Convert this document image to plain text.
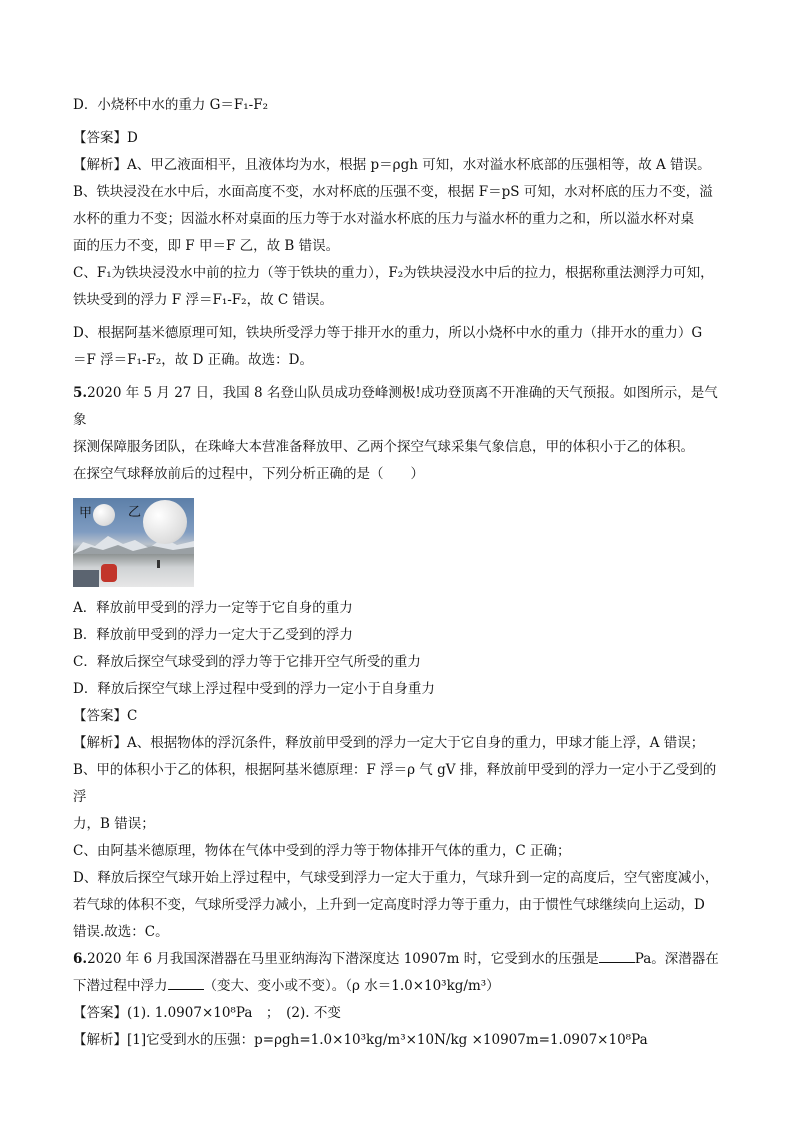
D．小烧杯中水的重力 G＝F₁-F₂

【答案】D

【解析】A、甲乙液面相平，且液体均为水，根据 p＝ρgh 可知，水对溢水杯底部的压强相等，故 A 错误。

B、铁块浸没在水中后，水面高度不变，水对杯底的压强不变，根据 F＝pS 可知，水对杯底的压力不变，溢

水杯的重力不变；因溢水杯对桌面的压力等于水对溢水杯底的压力与溢水杯的重力之和，所以溢水杯对桌

面的压力不变，即 F 甲＝F 乙，故 B 错误。

C、F₁为铁块浸没水中前的拉力（等于铁块的重力），F₂为铁块浸没水中后的拉力，根据称重法测浮力可知，

铁块受到的浮力 F 浮＝F₁-F₂，故 C 错误。

D、根据阿基米德原理可知，铁块所受浮力等于排开水的重力，所以小烧杯中水的重力（排开水的重力）G

＝F 浮＝F₁-F₂，故 D 正确。故选：D。

5.2020 年 5 月 27 日，我国 8 名登山队员成功登峰测极!成功登顶离不开准确的天气预报。如图所示，是气象

探测保障服务团队，在珠峰大本营准备释放甲、乙两个探空气球采集气象信息，甲的体积小于乙的体积。

在探空气球释放前后的过程中，下列分析正确的是（　　）

甲	乙

A．释放前甲受到的浮力一定等于它自身的重力

B．释放前甲受到的浮力一定大于乙受到的浮力

C．释放后探空气球受到的浮力等于它排开空气所受的重力

D．释放后探空气球上浮过程中受到的浮力一定小于自身重力

【答案】C

【解析】A、根据物体的浮沉条件，释放前甲受到的浮力一定大于它自身的重力，甲球才能上浮，A 错误；

B、甲的体积小于乙的体积，根据阿基米德原理：F 浮＝ρ 气 gV 排，释放前甲受到的浮力一定小于乙受到的浮

力，B 错误；

C、由阿基米德原理，物体在气体中受到的浮力等于物体排开气体的重力，C 正确；

D、释放后探空气球开始上浮过程中，气球受到浮力一定大于重力，气球升到一定的高度后，空气密度减小，

若气球的体积不变，气球所受浮力减小，上升到一定高度时浮力等于重力，由于惯性气球继续向上运动，D

错误.故选：C。

6.2020 年 6 月我国深潜器在马里亚纳海沟下潜深度达 10907m 时，它受到水的压强是	Pa。深潜器在

下潜过程中浮力	（变大、变小或不变）。（ρ 水＝1.0×10³kg/m³）

【答案】(1). 1.0907×10⁸Pa　；　(2). 不变

【解析】[1]它受到水的压强：p=ρgh=1.0×10³kg/m³×10N/kg ×10907m=1.0907×10⁸Pa
